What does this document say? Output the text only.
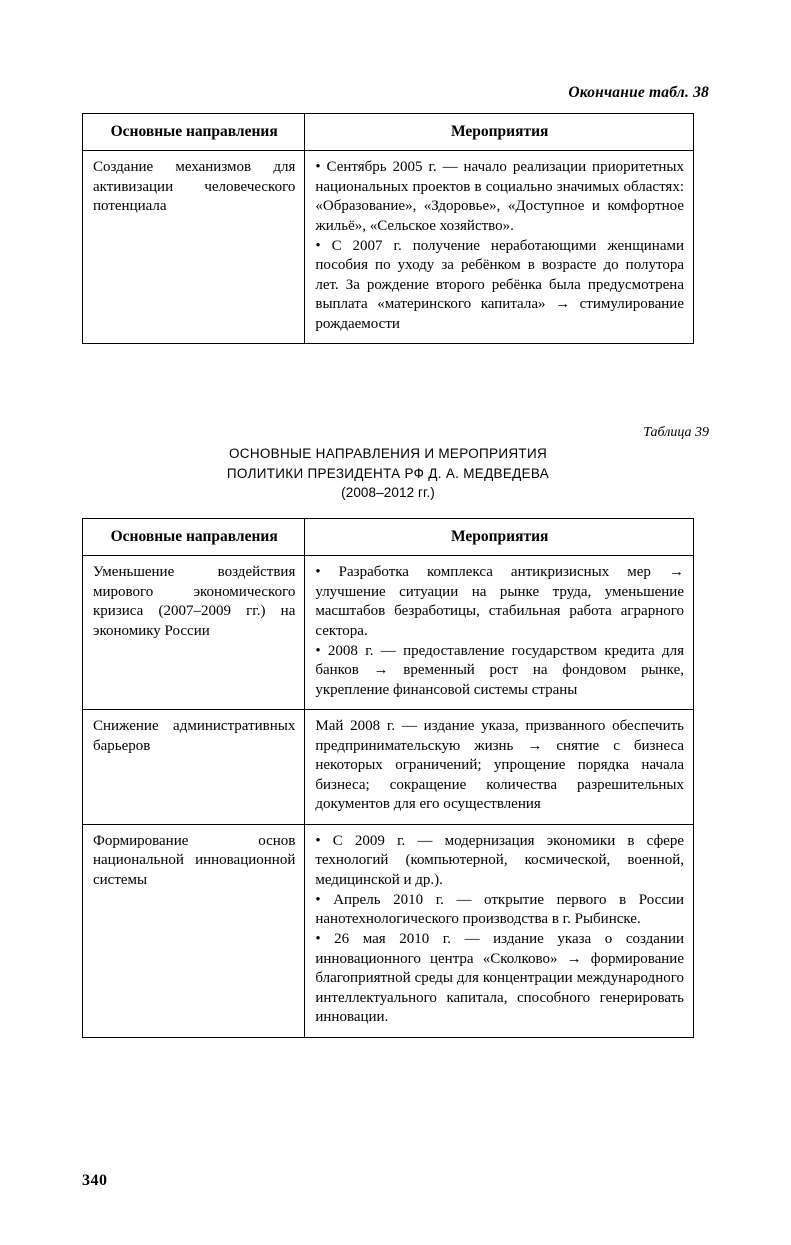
Окончание табл. 38
Основные направления	Мероприятия
Создание механизмов для активизации человеческого потенциала	• Сентябрь 2005 г. — начало реализации приоритетных национальных проектов в социально значимых областях: «Образование», «Здоровье», «Доступное и комфортное жильё», «Сельское хозяйство».

• С 2007 г. получение неработающими женщинами пособия по уходу за ребёнком в возрасте до полутора лет. За рождение второго ребёнка была предусмотрена выплата «материнского капитала» → стимулирование рождаемости

Таблица 39
ОСНОВНЫЕ НАПРАВЛЕНИЯ И МЕРОПРИЯТИЯ
ПОЛИТИКИ ПРЕЗИДЕНТА РФ Д. А. МЕДВЕДЕВА
(2008–2012 гг.)
Основные направления	Мероприятия
Уменьшение воздействия мирового экономического кризиса (2007–2009 гг.) на экономику России	• Разработка комплекса антикризисных мер → улучшение ситуации на рынке труда, уменьшение масштабов безработицы, стабильная работа аграрного сектора.

• 2008 г. — предоставление государством кредита для банков → временный рост на фондовом рынке, укрепление финансовой системы страны

Снижение административных барьеров	Май 2008 г. — издание указа, призванного обеспечить предпринимательскую жизнь → снятие с бизнеса некоторых ограничений; упрощение порядка начала бизнеса; сокращение количества разрешительных документов для его осуществления

Формирование основ национальной инновационной системы	• С 2009 г. — модернизация экономики в сфере технологий (компьютерной, космической, военной, медицинской и др.).

• Апрель 2010 г. — открытие первого в России нанотехнологического производства в г. Рыбинске.

• 26 мая 2010 г. — издание указа о создании инновационного центра «Сколково» → формирование благоприятной среды для концентрации международного интеллектуального капитала, способного генерировать инновации.

340
